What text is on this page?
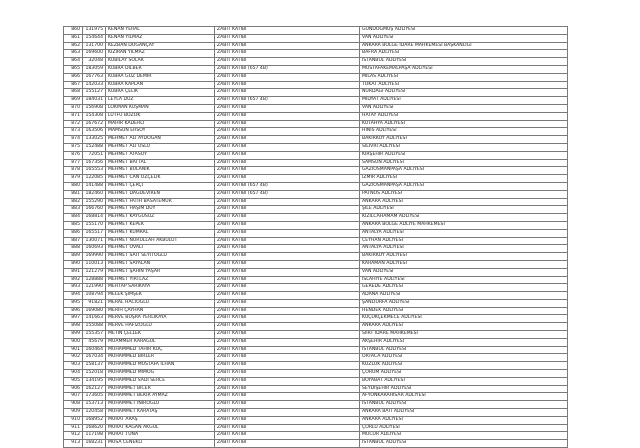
860	131975	KENAN YERAL	ZABIT KATIBI	GUNDOGMUŞ ADLIYESI
861	154644	KENAN YILMAZ	ZABIT KATIBI	VAN ADLIYESI
862	131700	KEZBAN DOĞANÇAY	ZABIT KATIBI	ANKARA BÖLGE İDARE MAHKEMESİ BAŞKANLIĞI
863	169600	KIZIRAN YILMAZ	ZABIT KATIBI	BAFRA ADLIYESI
864	32048	KUBILAY SOLAK	ZABIT KATIBI	İSTANBUL ADLIYESI
865	183059	KUBRA DILBER	ZABIT KATIBI (657 4B)	MUSTAFAKEMALPAŞA ADLIYESI
866	167763	KUBRA GÜZ DEMIR	ZABIT KATIBI	MILAS ADLIYESI
867	142033	KUBRA KAPLAN	ZABIT KATIBI	TOKAT ADLIYESI
868	155127	KÜBRA ÇELIK	ZABIT KATIBI	NURDAĞI ADLIYESI
869	184031	LEYLA DÜZ	ZABIT KATIBI (657 4B)	MİDYAT ADLIYESI
870	156908	LOKMAN KUŞMAN	ZABIT KATIBI	VAN ADLIYESI
871	154308	LÜTFÜ BOZOK	ZABIT KATIBI	HATAY ADLIYESI
872	167672	MAHIR KADERLI	ZABIT KATIBI	KÜTAHYA ADLIYESI
873	163506	MAMSUN ERSOY	ZABIT KATIBI	HINIS ADLIYESI
874	133025	MEHMET ALI AYDOĞAN	ZABIT KATIBI	BAKIRKÖY ADLIYESI
875	152488	MEHMET ALI USLU	ZABIT KATIBI	SİLİVRİ ADLIYESI
876	72051	MEHMET ATASOY	ZABIT KATIBI	KIRŞEHİR ADLIYESI
877	167356	MEHMET BATTAL	ZABIT KATIBI	SAMSUN ADLIYESI
878	165553	MEHMET BULANIK	ZABIT KATIBI	GAZİOSMANPAŞA ADLIYESI
879	122085	MEHMET CAN ÖZÇELIK	ZABIT KATIBI	İZMİR ADLIYESI
880	141488	MEHMET ÇERÇI	ZABIT KATIBI (657 4B)	GAZİOSMANPAŞA ADLIYESI
881	182460	MEHMET DAĞDEVIREN	ZABIT KATIBI (657 4B)	PATNOS ADLIYESI
882	155290	MEHMET FATIH BASATEMÜR	ZABIT KATIBI	ANKARA ADLIYESI
883	166760	MEHMET HAŞIM DUY	ZABIT KATIBI	ŞİLE ADLIYESI
884	168814	MEHMET KAYGUSUZ	ZABIT KATIBI	KIZILCAHAMAM ADLIYESI
885	155170	MEHMET KEPEK	ZABIT KATIBI	ANKARA BÖLGE ADLİYE MAHKEMESİ
886	165517	MEHMET KÜMRAL	ZABIT KATIBI	ANTALYA ADLIYESI
887	130071	MEHMET NURULLAH AKBULUT	ZABIT KATIBI	CEYHAN ADLIYESI
888	160693	MEHMET OVALI	ZABIT KATIBI	ANTALYA ADLIYESI
889	169990	MEHMET SAIT SEYITOĞLU	ZABIT KATIBI	BAKIRKÖY ADLIYESI
890	110013	MEHMET SAYALAN	ZABIT KATIBI	KARAMAN ADLIYESI
891	121279	MEHMET ŞAHIN YAŞAR	ZABIT KATIBI	VAN ADLIYESI
892	128888	MEHMET YIRTLAZ	ZABIT KATIBI	İSLAHİYE ADLIYESI
893	121990	MEHTAP SARIKAYA	ZABIT KATIBI	GEREDE ADLIYESI
894	108794	MELEK ŞIMŞEK	ZABIT KATIBI	ADANA ADLIYESI
895	91821	MERAL HACIOĞLU	ZABIT KATIBI	ŞANLIURFA ADLIYESI
896	169080	MERIH ÇAYHAN	ZABIT KATIBI	HENDEK ADLIYESI
897	141663	MERVE BÜŞRA YERLIKAYA	ZABIT KATIBI	KÜÇÜKÇEKMECE ADLIYESI
898	155088	MERVE HAFIZOĞLU	ZABIT KATIBI	ANKARA ADLIYESI
899	155357	METIN ÇELLEK	ZABIT KATIBI	SİİRT İDARE MAHKEMESİ
900	45679	MUAMMER KARAGÜL	ZABIT KATIBI	AKŞEHİR ADLIYESI
901	160464	MUHAMMED TAHIR KOÇ	ZABIT KATIBI	İSTANBUL ADLIYESI
902	167034	MUHAMMED BIRLER	ZABIT KATIBI	ORTACA ADLIYESI
903	158137	MUHAMMED MUSTAFA ILHAN	ZABIT KATIBI	KOZLUK ADLIYESI
904	152018	MUHAMMED MIMOĞ	ZABIT KATIBI	ÇORUM ADLIYESI
905	134195	MUHAMMED SADI SERCE	ZABIT KATIBI	BOYABAT ADLIYESI
906	162127	MUHAMMET BICER	ZABIT KATIBI	SEYDİŞEHİR ADLIYESI
907	173605	MUHAMMET BEKIR AYMAZ	ZABIT KATIBI	AFYONKARAHİSAR ADLIYESI
908	153713	MUHAMMET İNIROĞLU	ZABIT KATIBI	İSTANBUL ADLIYESI
909	120458	MUHAMMET KARATAŞ	ZABIT KATIBI	ANKARA BATI ADLIYESI
910	168952	MURAT ARAŞ	ZABIT KATIBI	ANKARA ADLIYESI
911	168620	MURAT KAĞAN AKGÜL	ZABIT KATIBI	ÇORLU ADLIYESI
912	117198	MURAT TUNA	ZABIT KATIBI	MUCUR ADLIYESI
913	168231	MUSA CENEKLI	ZABIT KATIBI	İSTANBUL ADLIYESI
